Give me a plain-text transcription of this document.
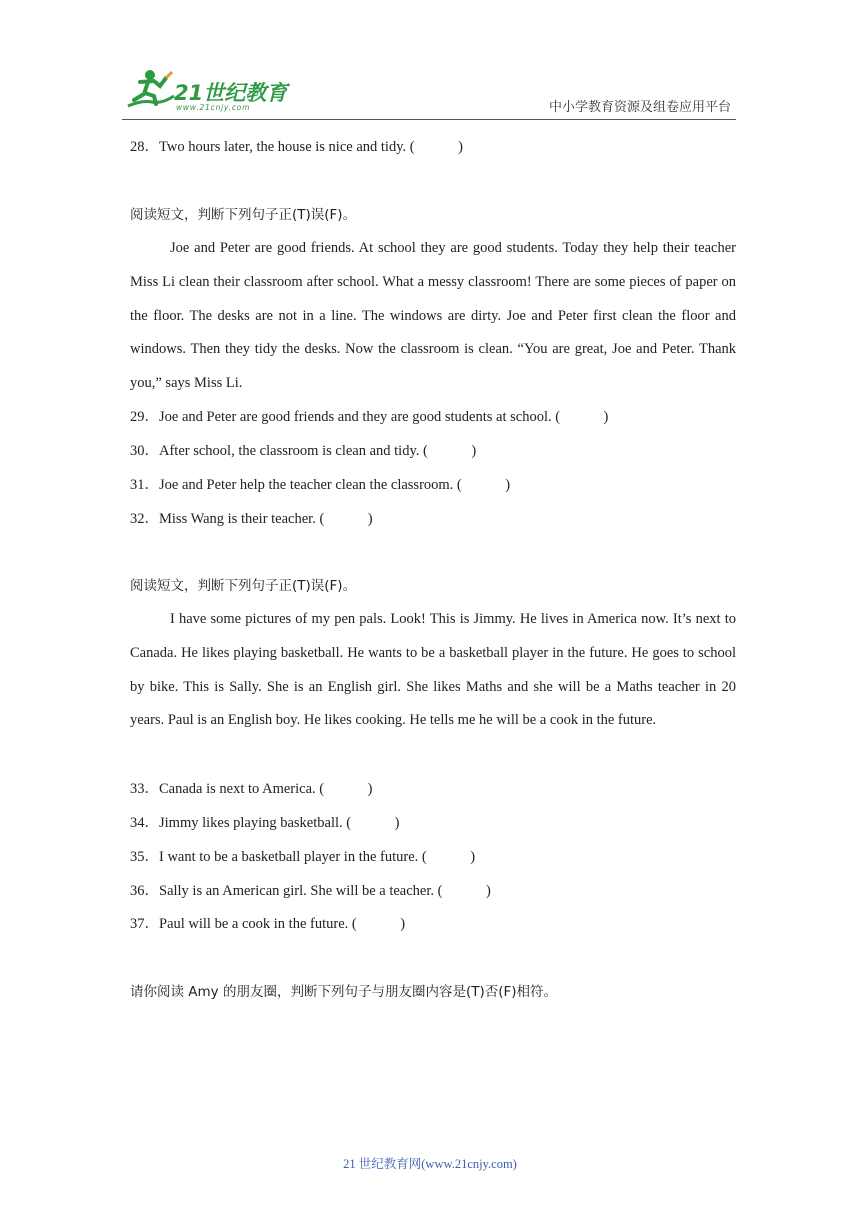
21世纪教育
www.21cnjy.com	中小学教育资源及组卷应用平台
28．Two hours later, the house is nice and tidy. (　　　)
阅读短文，判断下列句子正(T)误(F)。
Joe and Peter are good friends. At school they are good students. Today they help their teacher Miss Li clean their classroom after school. What a messy classroom! There are some pieces of paper on the floor. The desks are not in a line. The windows are dirty. Joe and Peter first clean the floor and windows. Then they tidy the desks. Now the classroom is clean. “You are great, Joe and Peter. Thank you,” says Miss Li.
29．Joe and Peter are good friends and they are good students at school. (　　　)
30．After school, the classroom is clean and tidy. (　　　)
31．Joe and Peter help the teacher clean the classroom. (　　　)
32．Miss Wang is their teacher. (　　　)
阅读短文，判断下列句子正(T)误(F)。
I have some pictures of my pen pals. Look! This is Jimmy. He lives in America now. It’s next to Canada. He likes playing basketball. He wants to be a basketball player in the future. He goes to school by bike. This is Sally. She is an English girl. She likes Maths and she will be a Maths teacher in 20 years. Paul is an English boy. He likes cooking. He tells me he will be a cook in the future.
33．Canada is next to America. (　　　)
34．Jimmy likes playing basketball. (　　　)
35．I want to be a basketball player in the future. (　　　)
36．Sally is an American girl. She will be a teacher. (　　　)
37．Paul will be a cook in the future. (　　　)
请你阅读 Amy 的朋友圈，判断下列句子与朋友圈内容是(T)否(F)相符。
21 世纪教育网(www.21cnjy.com)
